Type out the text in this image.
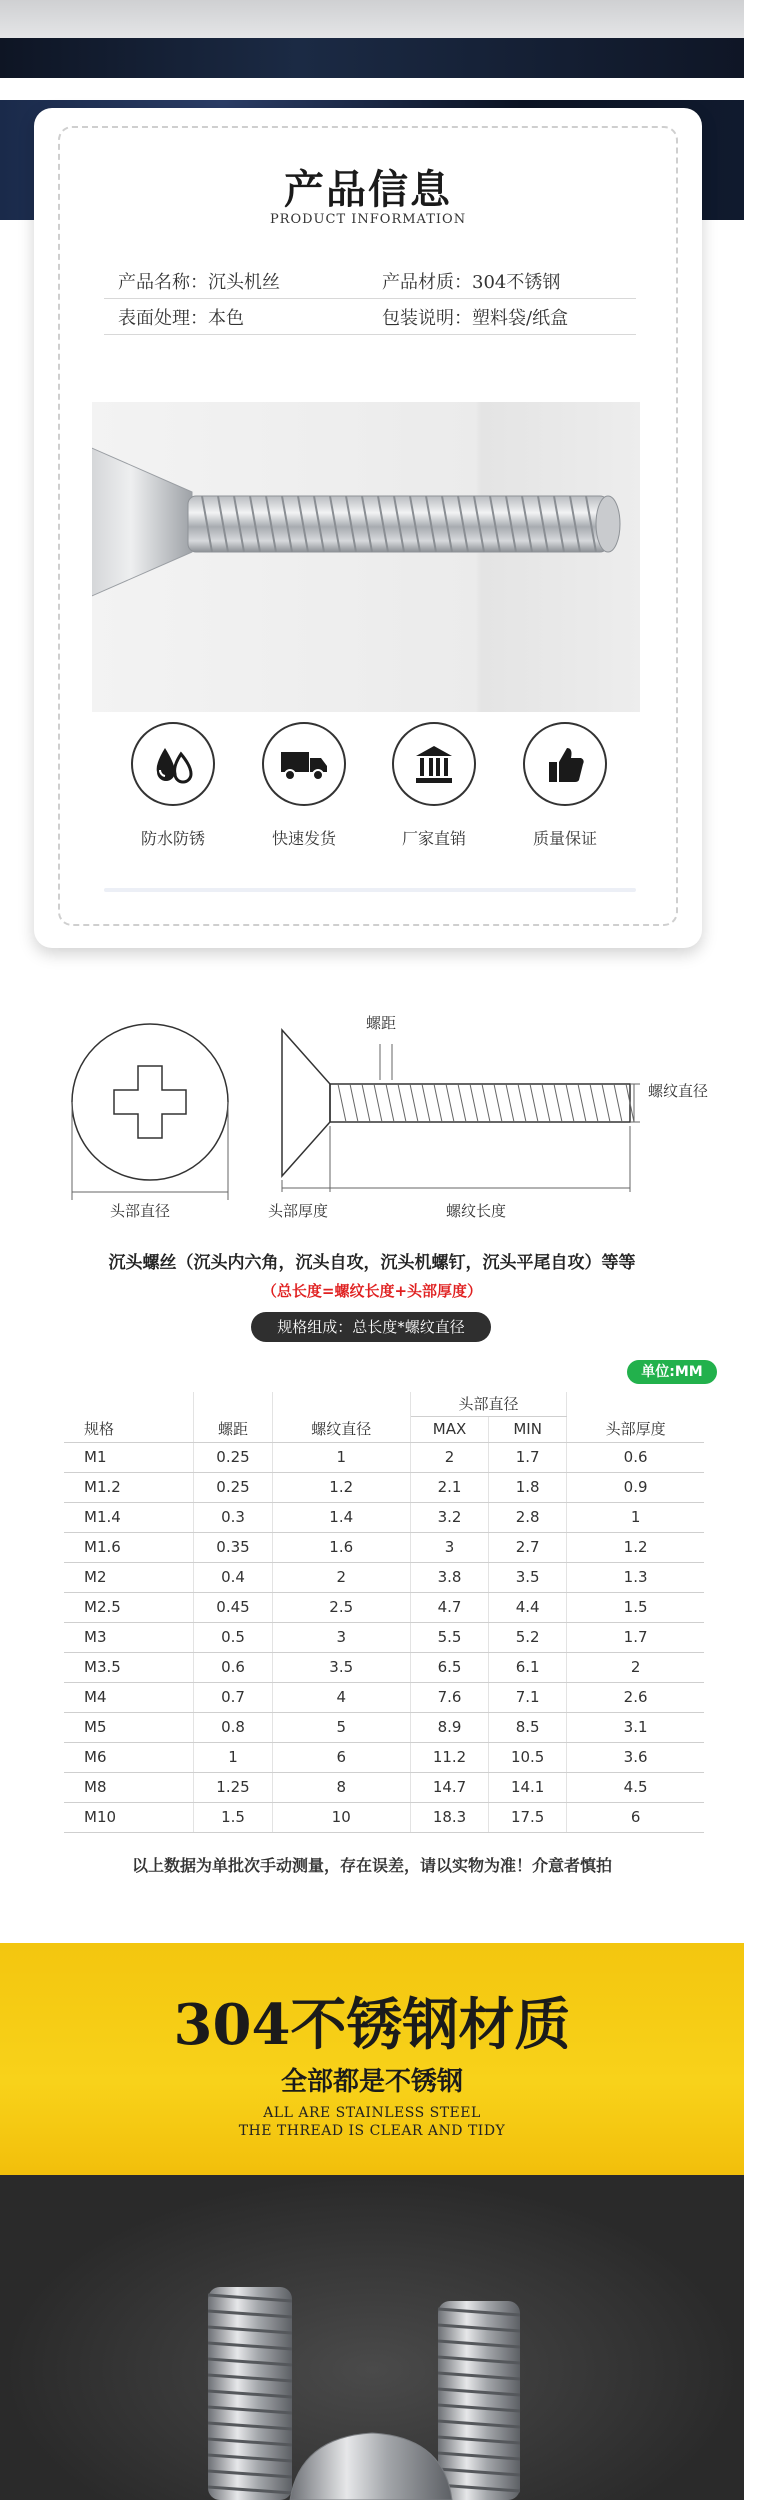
产品信息
PRODUCT INFORMATION
产品名称：沉头机丝	产品材质：304不锈钢
表面处理：本色	包装说明：塑料袋/纸盒
防水防锈	快速发货	厂家直销	质量保证
螺距
螺纹直径
头部直径	头部厚度	螺纹长度
沉头螺丝（沉头内六角，沉头自攻，沉头机螺钉，沉头平尾自攻）等等
（总长度=螺纹长度+头部厚度）
规格组成：总长度*螺纹直径
单位:MM
			头部直径		
规格	螺距	螺纹直径	MAX	MIN	头部厚度
M1	0.25	1	2	1.7	0.6
M1.2	0.25	1.2	2.1	1.8	0.9
M1.4	0.3	1.4	3.2	2.8	1
M1.6	0.35	1.6	3	2.7	1.2
M2	0.4	2	3.8	3.5	1.3
M2.5	0.45	2.5	4.7	4.4	1.5
M3	0.5	3	5.5	5.2	1.7
M3.5	0.6	3.5	6.5	6.1	2
M4	0.7	4	7.6	7.1	2.6
M5	0.8	5	8.9	8.5	3.1
M6	1	6	11.2	10.5	3.6
M8	1.25	8	14.7	14.1	4.5
M10	1.5	10	18.3	17.5	6
以上数据为单批次手动测量，存在误差，请以实物为准！介意者慎拍
304不锈钢材质
全部都是不锈钢
ALL ARE STAINLESS STEEL
THE THREAD IS CLEAR AND TIDY
